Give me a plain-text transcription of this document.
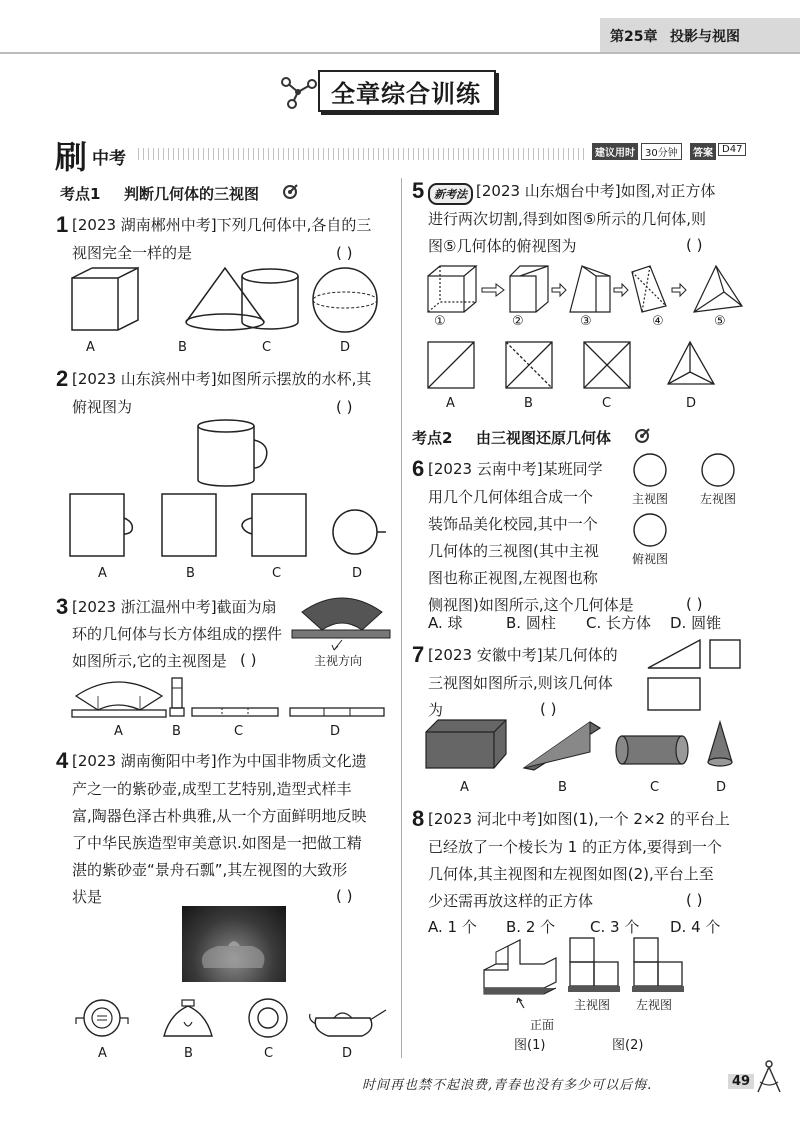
第25章 投影与视图
全章综合训练
刷 中考	建议用时	30分钟	答案 D47
考点1 判断几何体的三视图
1 [2023 湖南郴州中考]下列几何体中,各自的三
视图完全一样的是	( )
A	B	C	D
2 [2023 山东滨州中考]如图所示摆放的水杯,其
俯视图为	( )
A	B	C	D
3 [2023 浙江温州中考]截面为扇
环的几何体与长方体组成的摆件
如图所示,它的主视图是 ( )	主视方向
A	B	C	D
4 [2023 湖南衡阳中考]作为中国非物质文化遗
产之一的紫砂壶,成型工艺特别,造型式样丰
富,陶器色泽古朴典雅,从一个方面鲜明地反映
了中华民族造型审美意识.如图是一把做工精
湛的紫砂壶“景舟石瓢”,其左视图的大致形
状是	( )
A	B	C	D
5 新考法 [2023 山东烟台中考]如图,对正方体
进行两次切割,得到如图⑤所示的几何体,则
图⑤几何体的俯视图为	( )
①	②	③	④	⑤
A	B	C	D
考点2 由三视图还原几何体
6 [2023 云南中考]某班同学
用几个几何体组合成一个
装饰品美化校园,其中一个
几何体的三视图(其中主视
图也称正视图,左视图也称
侧视图)如图所示,这个几何体是	( )
主视图	左视图
俯视图
A. 球	B. 圆柱 C. 长方体 D. 圆锥
7 [2023 安徽中考]某几何体的
三视图如图所示,则该几何体
为	( )
A	B	C	D
8 [2023 河北中考]如图(1),一个 2×2 的平台上
已经放了一个棱长为 1 的正方体,要得到一个
几何体,其主视图和左视图如图(2),平台上至
少还需再放这样的正方体	( )
A. 1 个 B. 2 个 C. 3 个 D. 4 个
正面
主视图 左视图
图(1)	图(2)
时间再也禁不起浪费,青春也没有多少可以后悔.	49
